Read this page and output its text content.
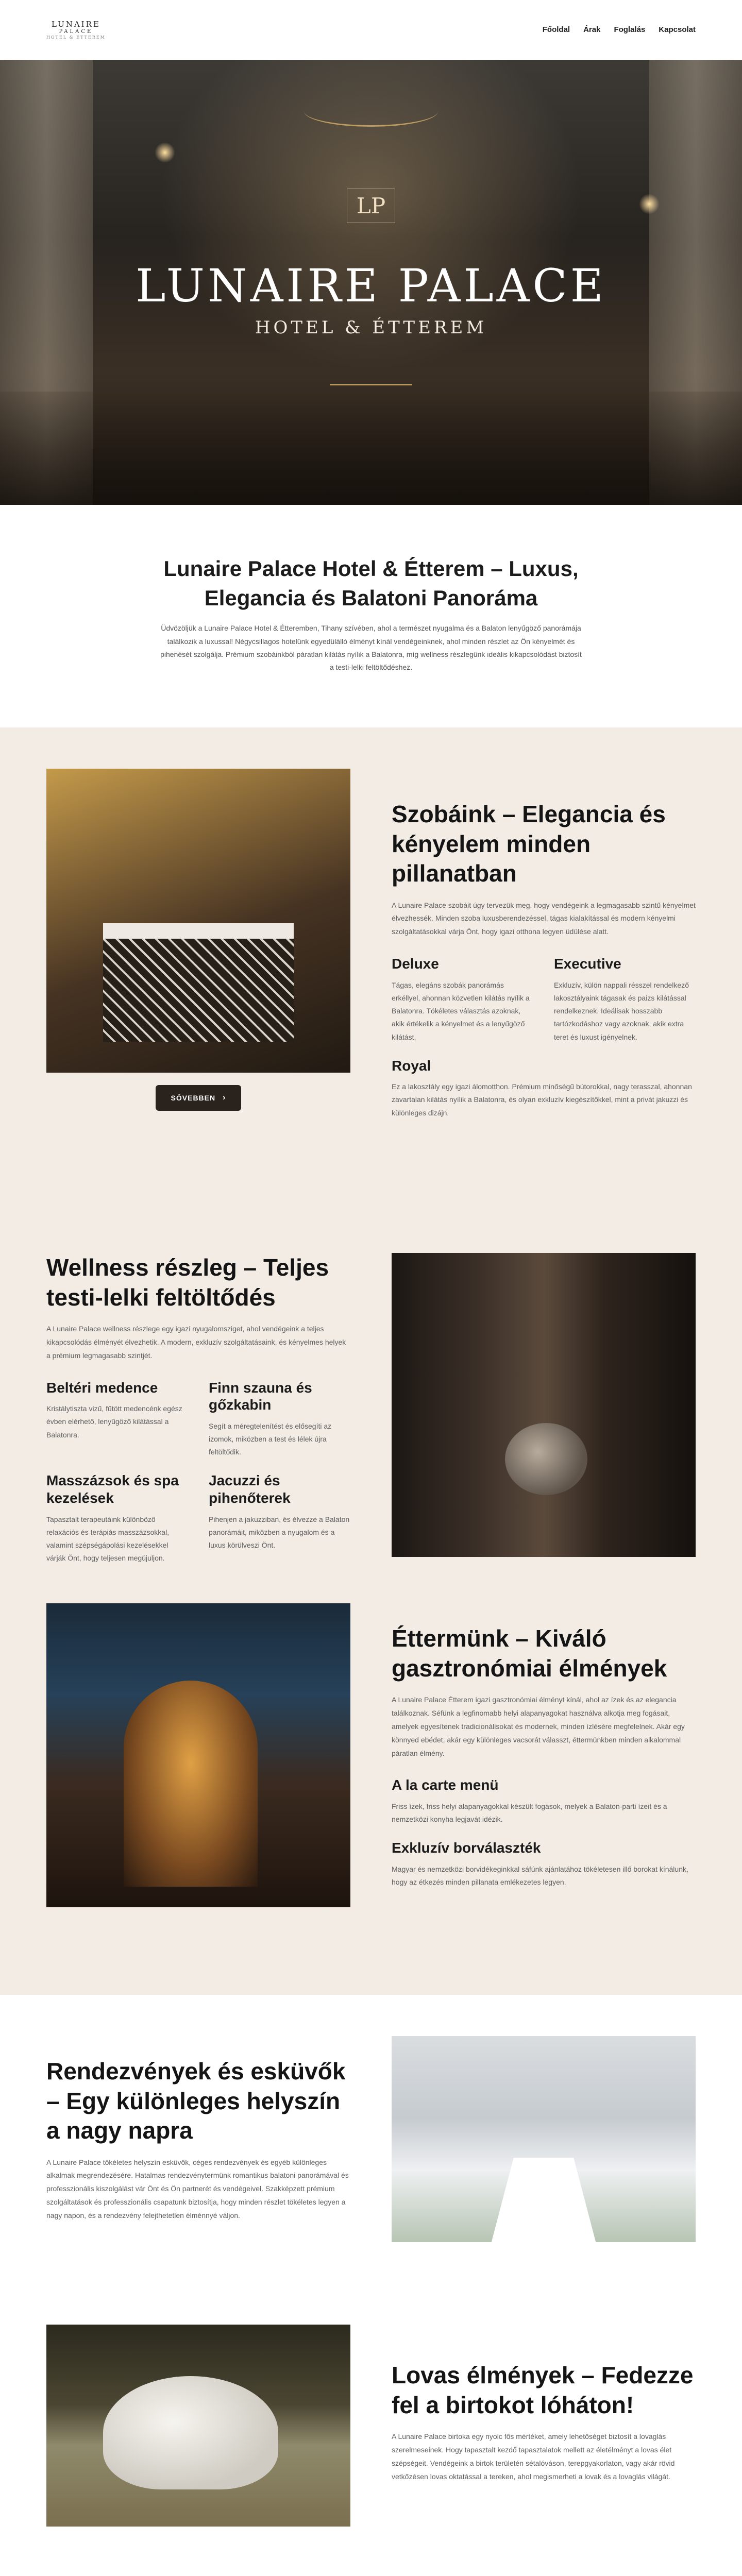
LUNAIRE
PALACE
HOTEL & ÉTTEREM
Főoldal Árak Foglalás Kapcsolat
LP
LUNAIRE PALACE
HOTEL & ÉTTEREM
Lunaire Palace Hotel & Étterem – Luxus, Elegancia és Balatoni Panoráma

Üdvözöljük a Lunaire Palace Hotel & Étteremben, Tihany szívében, ahol a természet nyugalma és a Balaton lenyűgöző panorámája találkozik a luxussal! Négycsillagos hotelünk egyedülálló élményt kínál vendégeinknek, ahol minden részlet az Ön kényelmét és pihenését szolgálja. Prémium szobáinkból páratlan kilátás nyílik a Balatonra, míg wellness részlegünk ideális kikapcsolódást biztosít a testi-lelki feltöltődéshez.

SÖVEBBEN ›
Szobáink – Elegancia és kényelem minden pillanatban

A Lunaire Palace szobáit úgy tervezük meg, hogy vendégeink a legmagasabb szintű kényelmet élvezhessék. Minden szoba luxusberendezéssel, tágas kialakítással és modern kényelmi szolgáltatásokkal várja Önt, hogy igazi otthona legyen üdülése alatt.

Deluxe

Tágas, elegáns szobák panorámás erkéllyel, ahonnan közvetlen kilátás nyílik a Balatonra. Tökéletes választás azoknak, akik értékelik a kényelmet és a lenyűgöző kilátást.

Executive

Exkluzív, külön nappali résszel rendelkező lakosztályaink tágasak és paizs kilátással rendelkeznek. Ideálisak hosszabb tartózkodáshoz vagy azoknak, akik extra teret és luxust igényelnek.

Royal

Ez a lakosztály egy igazi álomotthon. Prémium minőségű bútorokkal, nagy terasszal, ahonnan zavartalan kilátás nyílik a Balatonra, és olyan exkluzív kiegészítőkkel, mint a privát jakuzzi és különleges dizájn.

Wellness részleg – Teljes testi-lelki feltöltődés

A Lunaire Palace wellness részlege egy igazi nyugalomsziget, ahol vendégeink a teljes kikapcsolódás élményét élvezhetik. A modern, exkluzív szolgáltatásaink, és kényelmes helyek a prémium legmagasabb szintjét.

Beltéri medence

Kristálytiszta vizű, fűtött medencénk egész évben elérhető, lenyűgöző kilátással a Balatonra.

Finn szauna és gőzkabin

Segít a méregtelenítést és elősegíti az izomok, miközben a test és lélek újra feltöltődik.

Masszázsok és spa kezelések

Tapasztalt terapeutáink különböző relaxációs és terápiás masszázsokkal, valamint szépségápolási kezelésekkel várják Önt, hogy teljesen megújuljon.

Jacuzzi és pihenőterek

Pihenjen a jakuzziban, és élvezze a Balaton panorámáit, miközben a nyugalom és a luxus körülveszi Önt.

Éttermünk – Kiváló gasztronómiai élmények

A Lunaire Palace Étterem igazi gasztronómiai élményt kínál, ahol az ízek és az elegancia találkoznak. Séfünk a legfinomabb helyi alapanyagokat használva alkotja meg fogásait, amelyek egyesítenek tradicionálisokat és modernek, minden ízlésére megfelelnek. Akár egy könnyed ebédet, akár egy különleges vacsorát válasszt, éttermünkben minden alkalommal páratlan élmény.

A la carte menü

Friss ízek, friss helyi alapanyagokkal készült fogások, melyek a Balaton-parti ízeit és a nemzetközi konyha legjavát idézik.

Exkluzív borválaszték

Magyar és nemzetközi borvidékeginkkal sáfúnk ajánlatához tökéletesen illő borokat kínálunk, hogy az étkezés minden pillanata emlékezetes legyen.

Rendezvények és esküvők – Egy különleges helyszín a nagy napra

A Lunaire Palace tökéletes helyszín esküvők, céges rendezvények és egyéb különleges alkalmak megrendezésére. Hatalmas rendezvénytermünk romantikus balatoni panorámával és professzionális kiszolgálást vár Önt és Ön partnerét és vendégeivel. Szakképzett prémium szolgáltatások és professzionális csapatunk biztosítja, hogy minden részlet tökéletes legyen a nagy napon, és a rendezvény felejthetetlen élménnyé váljon.

Lovas élmények – Fedezze fel a birtokot lóháton!

A Lunaire Palace birtoka egy nyolc fős mértéket, amely lehetőséget biztosít a lovaglás szerelmeseinek. Hogy tapasztalt kezdő tapasztalatok mellett az életélményt a lovas élet szépségeit. Vendégeink a birtok területén sétalóváson, terepgyakorlaton, vagy akár rövid vetkőzésen lovas oktatással a tereken, ahol megismerheti a lovak és a lovaglás világát.
